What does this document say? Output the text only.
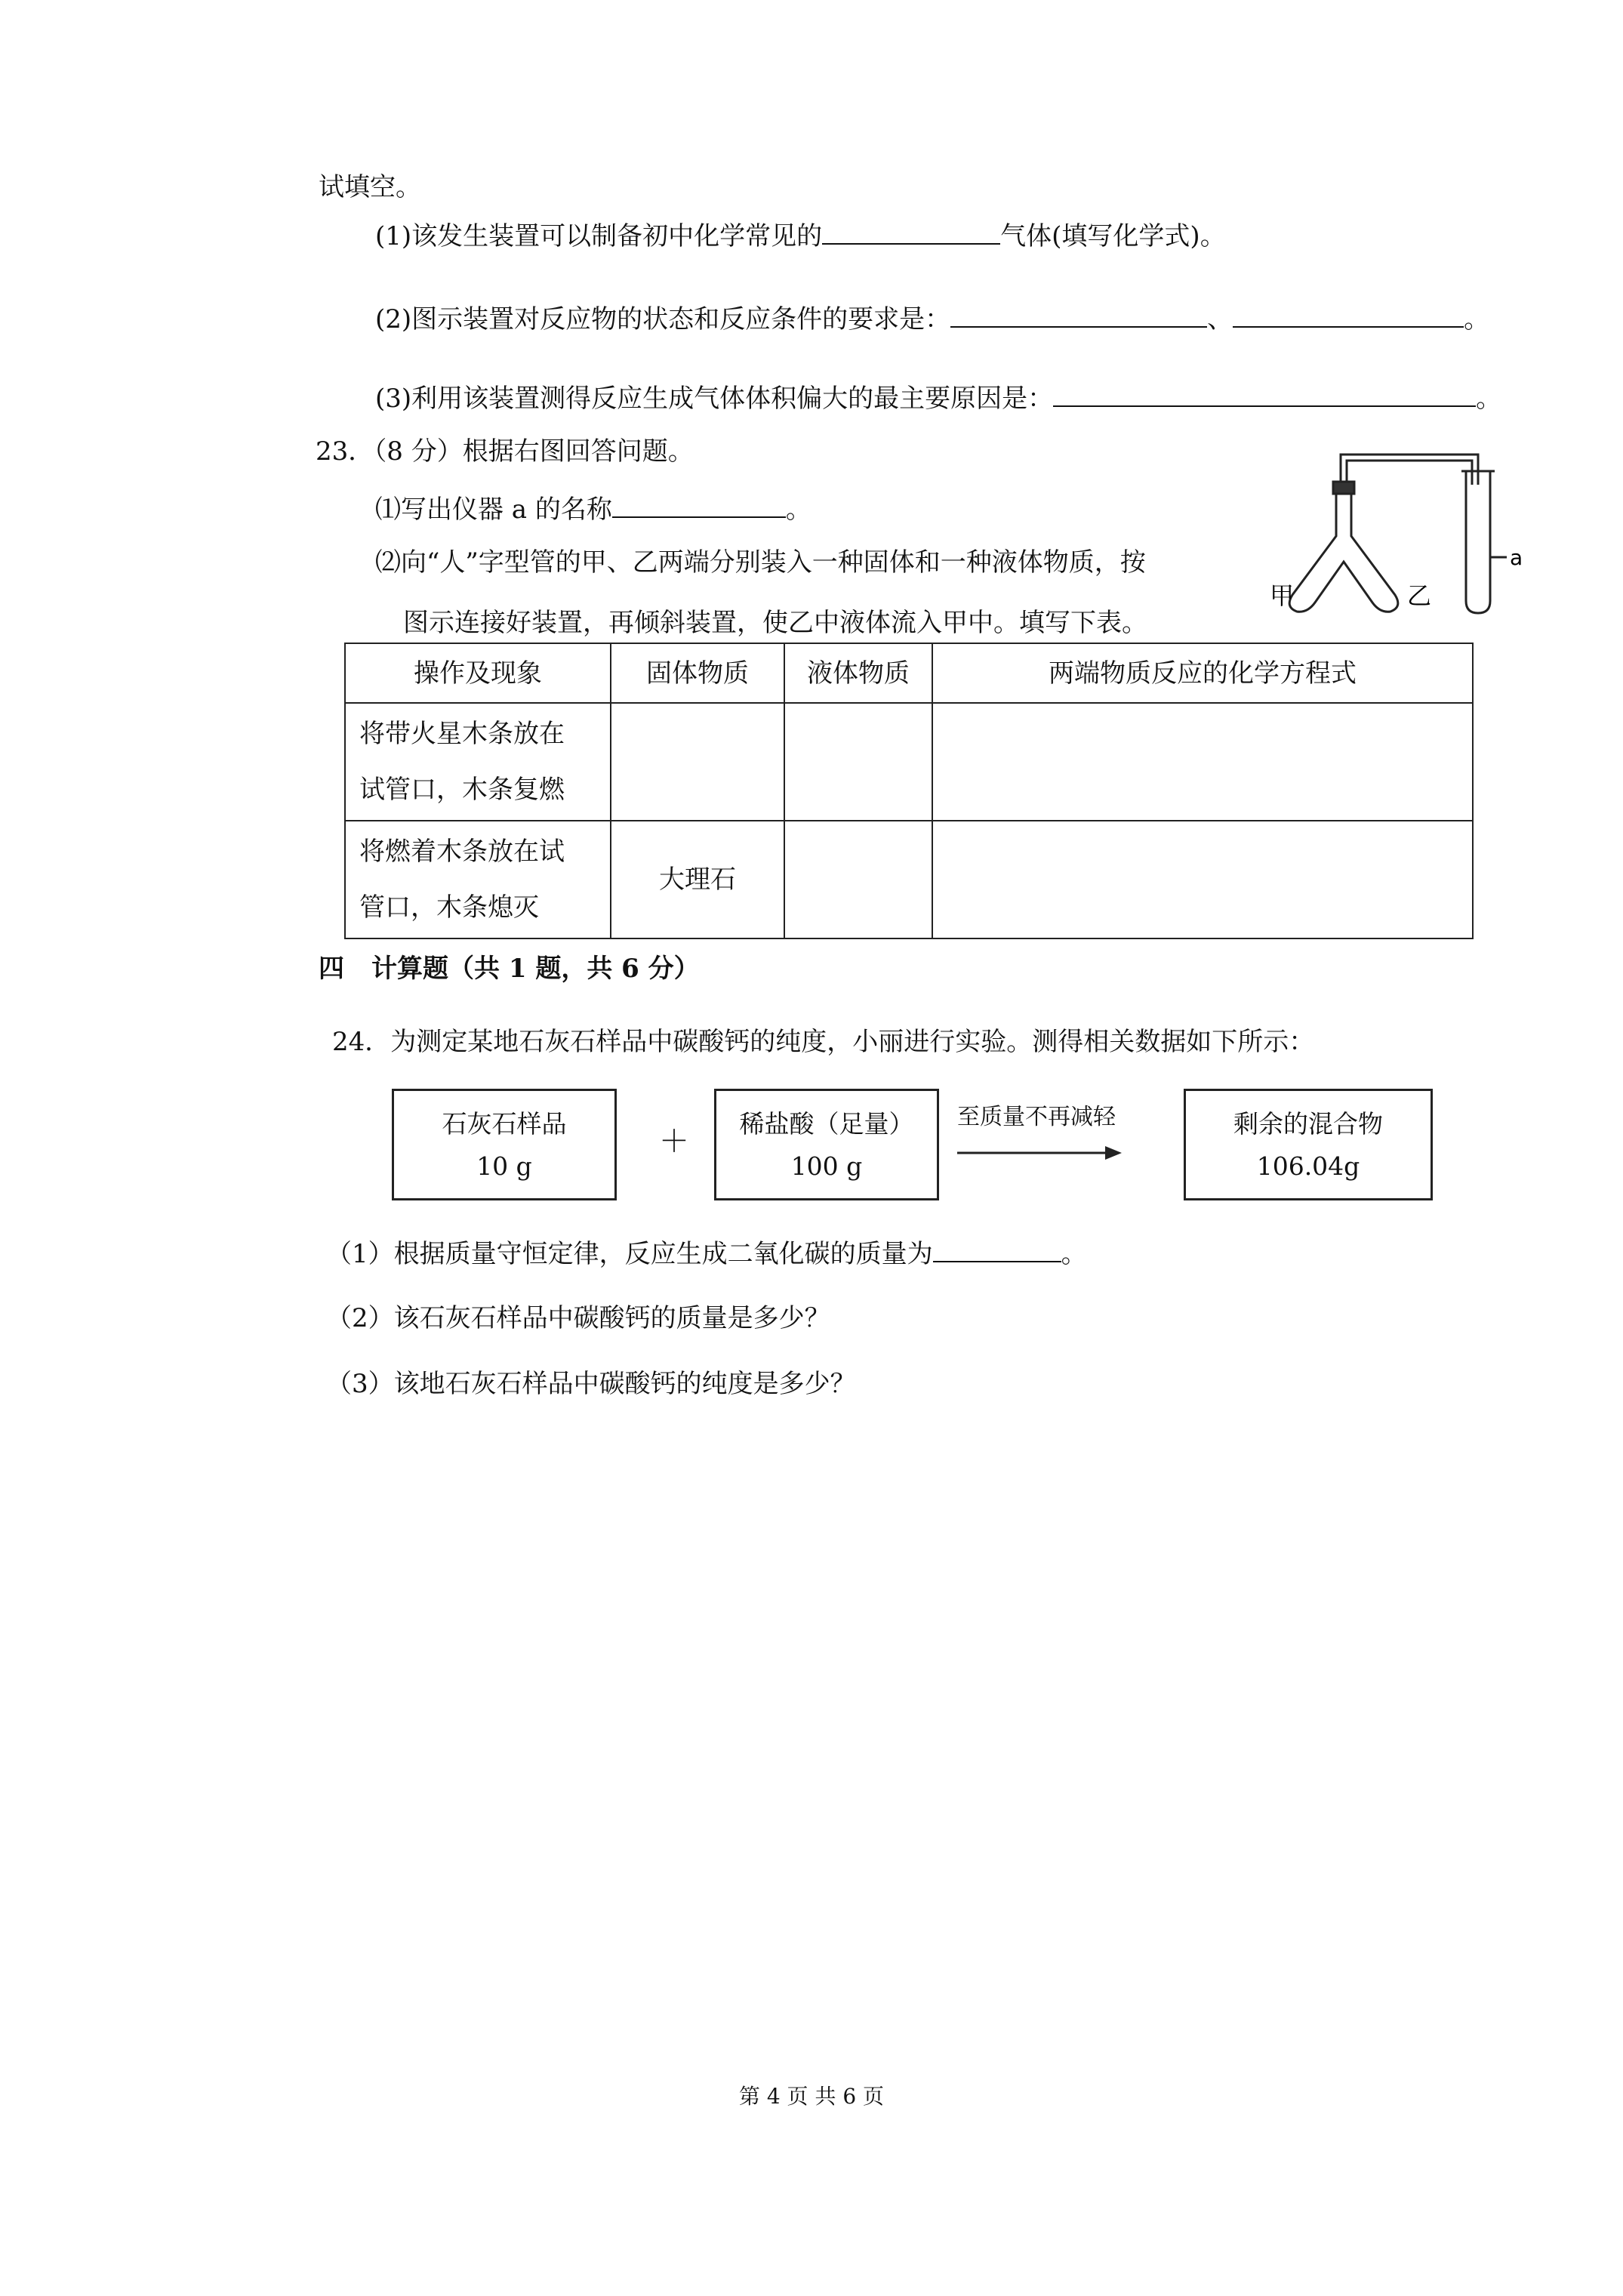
试填空。
(1)该发生装置可以制备初中化学常见的	气体(填写化学式)。
(2)图示装置对反应物的状态和反应条件的要求是：	、	。
(3)利用该装置测得反应生成气体体积偏大的最主要原因是：	。
23．（8 分）根据右图回答问题。
⑴写出仪器 a 的名称	。
⑵向“人”字型管的甲、乙两端分别装入一种固体和一种液体物质，按
图示连接好装置，再倾斜装置，使乙中液体流入甲中。填写下表。
甲	乙
a
操作及现象	固体物质	液体物质	两端物质反应的化学方程式

将带火星木条放在
试管口，木条复燃			

将燃着木条放在试
管口，木条熄灭	大理石		
四 计算题（共 1 题，共 6 分）
24．为测定某地石灰石样品中碳酸钙的纯度，小丽进行实验。测得相关数据如下所示：
石灰石样品
10 g
＋
稀盐酸（足量）
100 g
至质量不再减轻	剩余的混合物
106.04g
（1）根据质量守恒定律，反应生成二氧化碳的质量为	。
（2）该石灰石样品中碳酸钙的质量是多少？
（3）该地石灰石样品中碳酸钙的纯度是多少？
第 4 页 共 6 页
